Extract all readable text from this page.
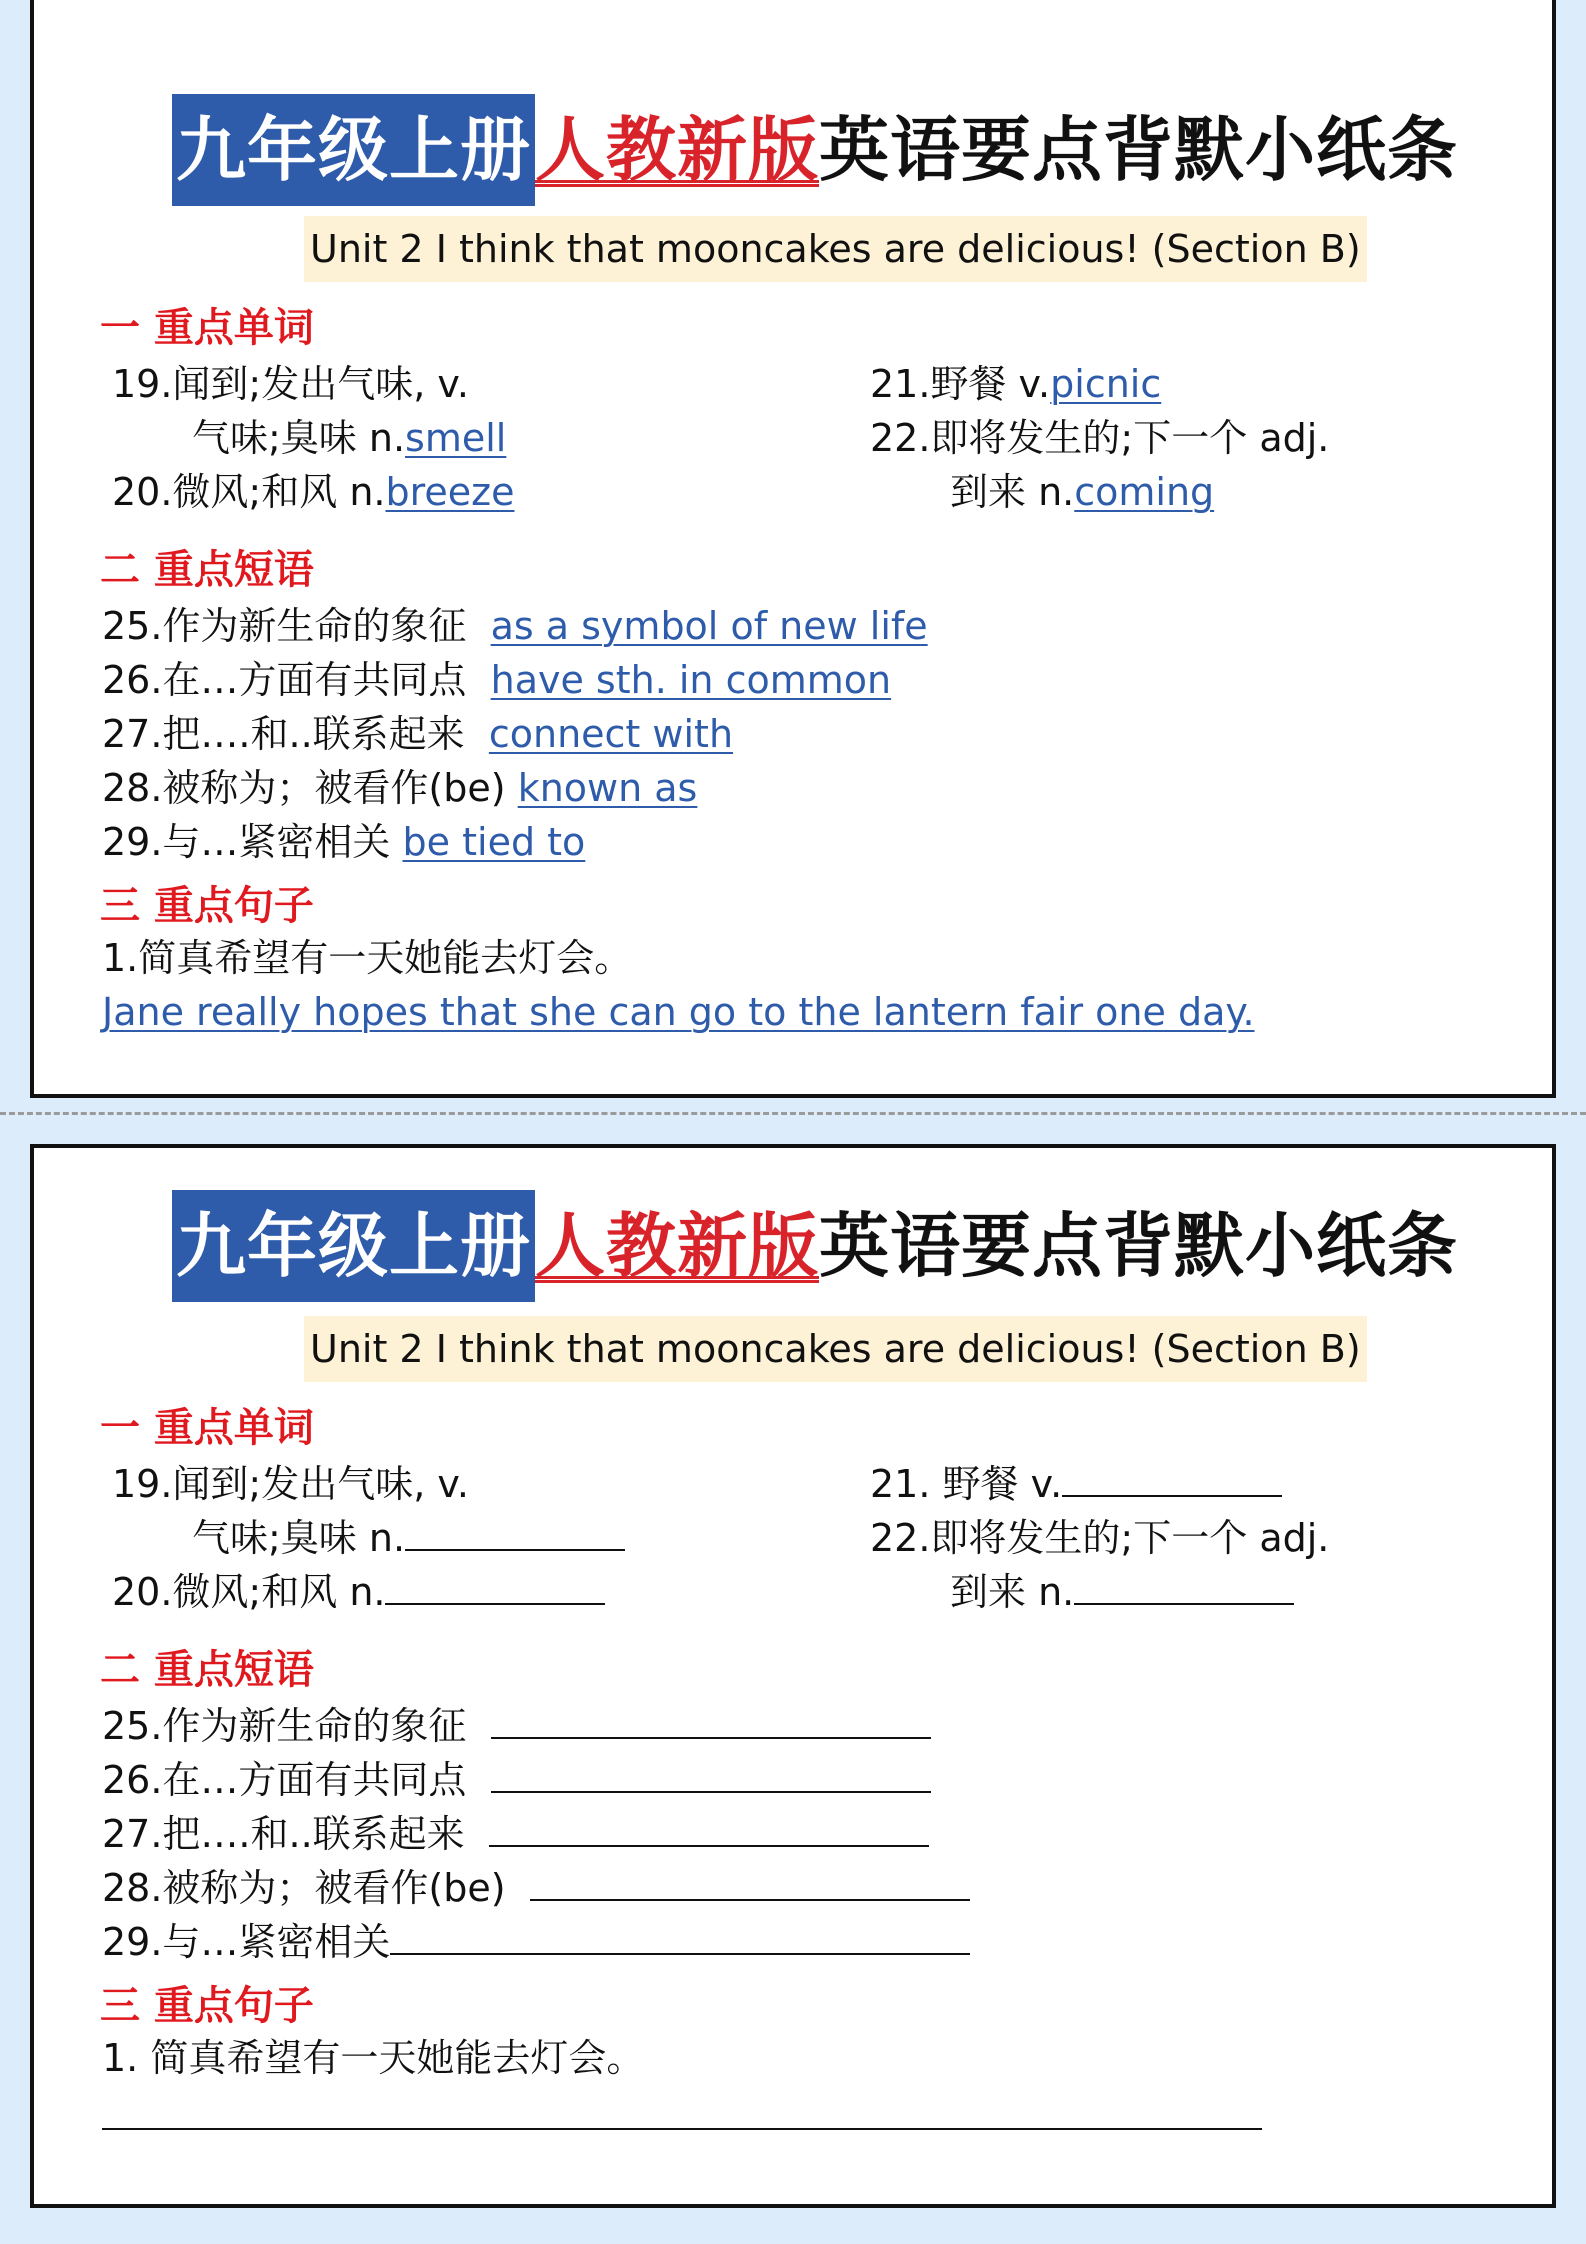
九年级上册人教新版英语要点背默小纸条
Unit 2 I think that mooncakes are delicious! (Section B)
一 重点单词
19.闻到;发出气味, v.
气味;臭味 n.smell
20.微风;和风 n.breeze
21.野餐 v.picnic
22.即将发生的;下一个 adj.
到来 n.coming
二 重点短语
25.作为新生命的象征 as a symbol of new life
26.在…方面有共同点 have sth. in common
27.把….和..联系起来 connect with
28.被称为；被看作(be) known as
29.与…紧密相关 be tied to
三 重点句子
1.简真希望有一天她能去灯会。
Jane really hopes that she can go to the lantern fair one day.
九年级上册人教新版英语要点背默小纸条
Unit 2 I think that mooncakes are delicious! (Section B)
一 重点单词
19.闻到;发出气味, v.
气味;臭味 n.
20.微风;和风 n.
21. 野餐 v.
22.即将发生的;下一个 adj.
到来 n.
二 重点短语
25.作为新生命的象征
26.在…方面有共同点
27.把….和..联系起来
28.被称为；被看作(be)
29.与…紧密相关
三 重点句子
1. 简真希望有一天她能去灯会。
